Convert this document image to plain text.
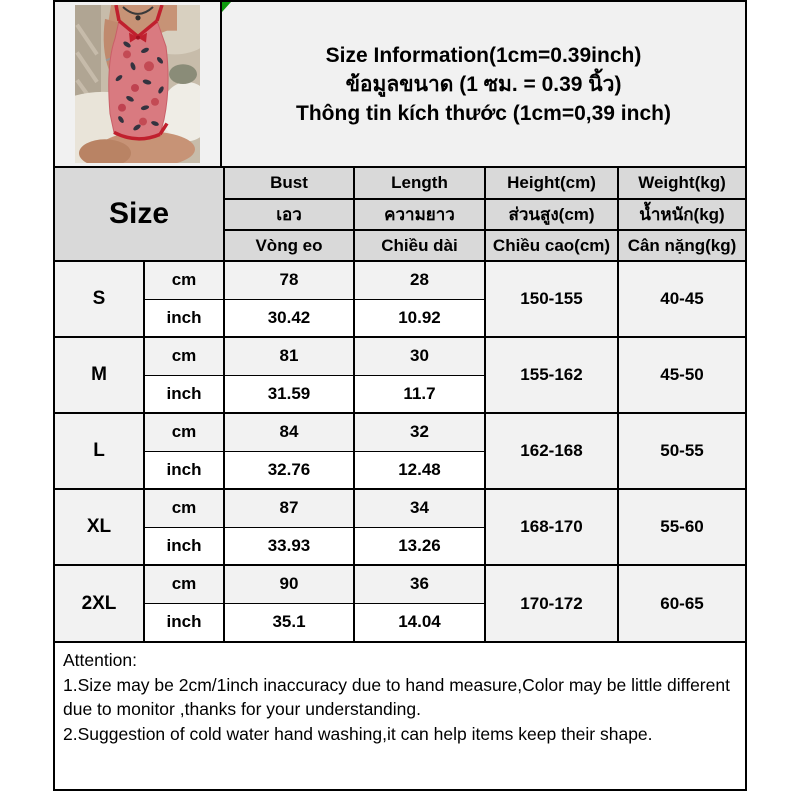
Size Information(1cm=0.39inch)
ข้อมูลขนาด (1 ซม. = 0.39 นิ้ว)
Thông tin kích thước (1cm=0,39 inch)
Size		Bust	Length	Height(cm)	Weight(kg)
		เอว	ความยาว	ส่วนสูง(cm)	น้ำหนัก(kg)
		Vòng eo	Chiều dài	Chiều cao(cm)	Cân nặng(kg)
S	cm	78	28	150-155	40-45
	inch	30.42	10.92		
M	cm	81	30	155-162	45-50
	inch	31.59	11.7		
L	cm	84	32	162-168	50-55
	inch	32.76	12.48		
XL	cm	87	34	168-170	55-60
	inch	33.93	13.26		
2XL	cm	90	36	170-172	60-65
	inch	35.1	14.04		
Attention:
1.Size may be 2cm/1inch inaccuracy due to hand measure,Color may be little different due to monitor ,thanks for your understanding.
2.Suggestion of cold water hand washing,it can help items keep their shape.
